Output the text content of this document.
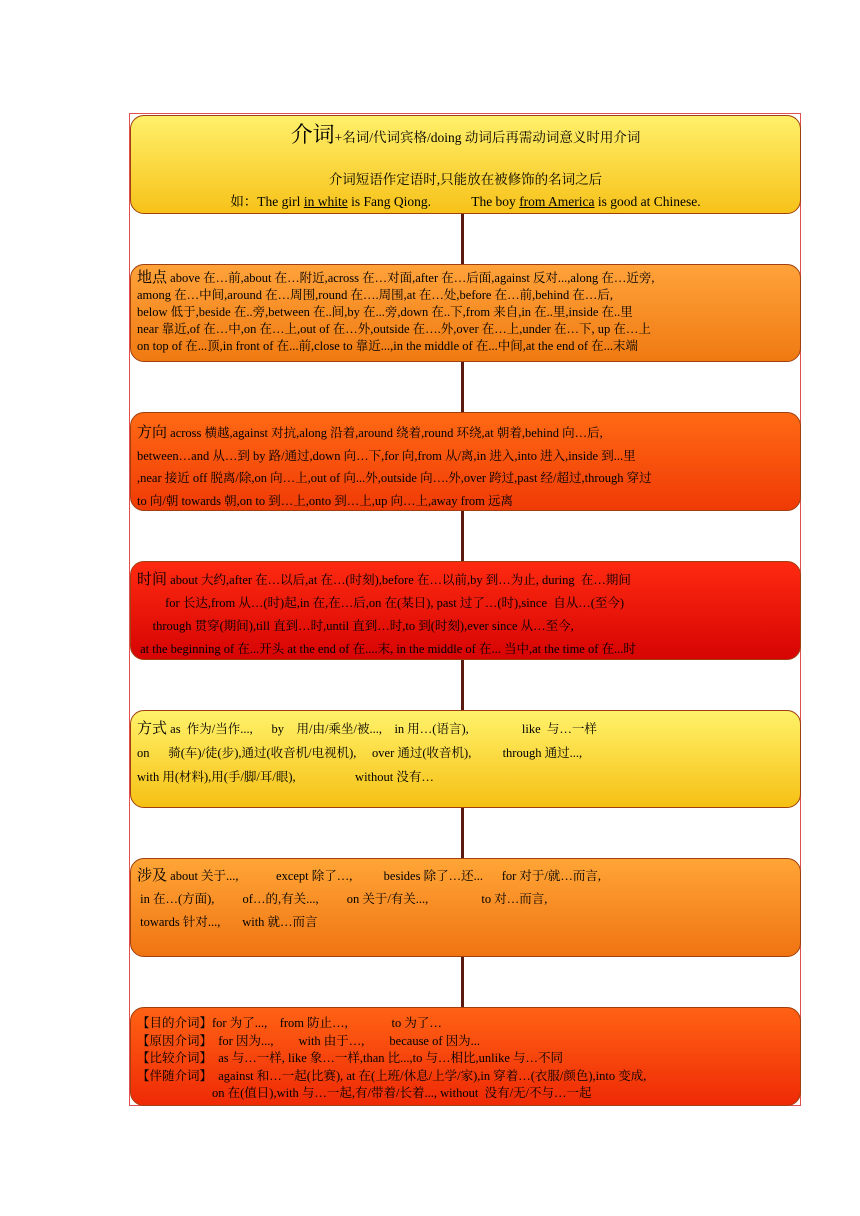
介词+名词/代词宾格/doing 动词后再需动词意义时用介词
介词短语作定语时,只能放在被修饰的名词之后
如：The girl in white is Fang Qiong.            The boy from America is good at Chinese.
地点 above 在…前,about 在…附近,across 在…对面,after 在…后面,against 反对...,along 在…近旁,
among 在…中间,around 在…周围,round 在….周围,at 在…处,before 在…前,behind 在…后,
below 低于,beside 在..旁,between 在..间,by 在...旁,down 在..下,from 来自,in 在..里,inside 在..里
near 靠近,of 在…中,on 在…上,out of 在…外,outside 在….外,over 在…上,under 在…下, up 在…上
on top of 在...顶,in front of 在...前,close to 靠近...,in the middle of 在...中间,at the end of 在...末端
方向 across 横越,against 对抗,along 沿着,around 绕着,round 环绕,at 朝着,behind 向…后,
between…and 从…到 by 路/通过,down 向…下,for 向,from 从/离,in 进入,into 进入,inside 到...里
,near 接近 off 脱离/除,on 向…上,out of 向...外,outside 向….外,over 跨过,past 经/超过,through 穿过
to 向/朝 towards 朝,on to 到…上,onto 到…上,up 向…上,away from 远离
时间 about 大约,after 在…以后,at 在…(时刻),before 在…以前,by 到…为止, during  在…期间
for 长达,from 从…(时)起,in 在,在…后,on 在(某日), past 过了…(时),since  自从…(至今)
through 贯穿(期间),till 直到…时,until 直到…时,to 到(时刻),ever since 从…至今,
at the beginning of 在...开头 at the end of 在....末, in the middle of 在... 当中,at the time of 在...时
方式 as  作为/当作...,      by    用/由/乘坐/被...,    in 用…(语言),                 like  与…一样
on      骑(车)/徒(步),通过(收音机/电视机),     over 通过(收音机),          through 通过...,
with 用(材料),用(手/脚/耳/眼),                   without 没有…
涉及 about 关于...,            except 除了…,          besides 除了…还...      for 对于/就…而言,
in 在…(方面),         of…的,有关...,         on 关于/有关...,                 to 对…而言,
towards 针对...,       with 就…而言
【目的介词】for 为了...,    from 防止…,              to 为了…
【原因介词】  for 因为...,        with 由于…,        because of 因为...
【比较介词】  as 与…一样, like 象…一样,than 比...,to 与…相比,unlike 与…不同
【伴随介词】  against 和…一起(比赛), at 在(上班/休息/上学/家),in 穿着…(衣服/颜色),into 变成,
on 在(值日),with 与…一起,有/带着/长着..., without  没有/无/不与…一起
